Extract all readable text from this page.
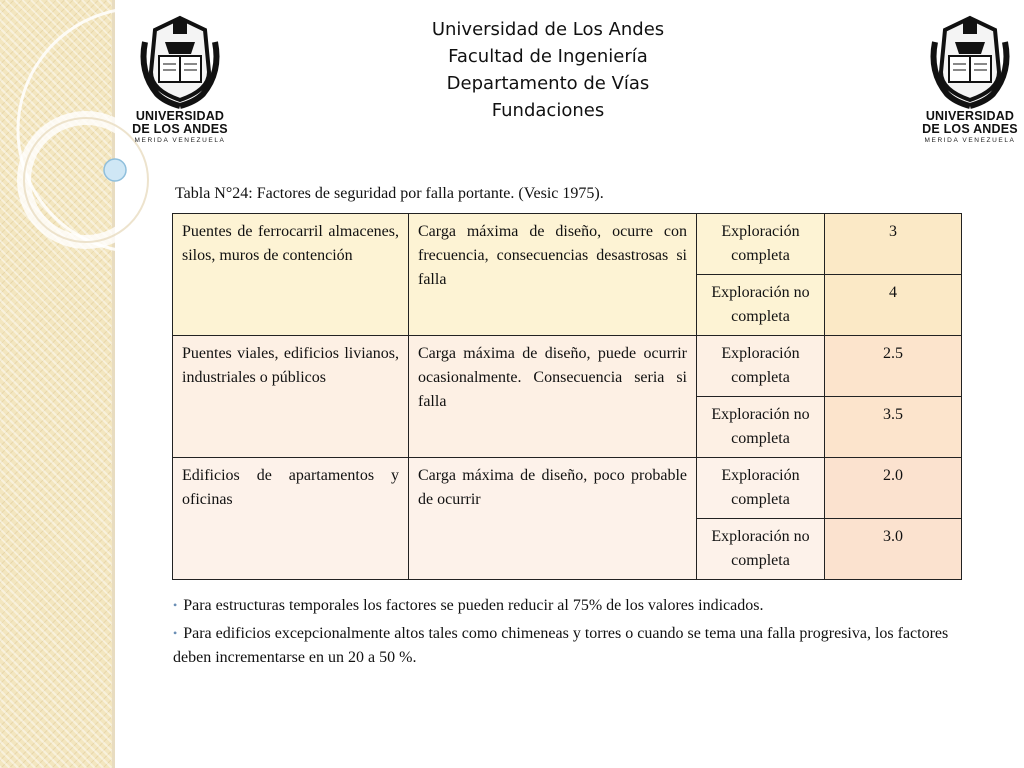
UNIVERSIDAD
DE LOS ANDES
MERIDA VENEZUELA
UNIVERSIDAD
DE LOS ANDES
MERIDA VENEZUELA
Universidad de Los Andes
Facultad de Ingeniería
Departamento de Vías
Fundaciones
Tabla N°24: Factores de seguridad por falla portante. (Vesic 1975).
Puentes de ferrocarril almacenes, silos, muros de contención	Carga máxima de diseño, ocurre con frecuencia, consecuencias desastrosas si falla	Exploración completa	3
		Exploración no completa	4
Puentes viales, edificios livianos, industriales o públicos	Carga máxima de diseño, puede ocurrir ocasionalmente. Consecuencia seria si falla	Exploración completa	2.5
		Exploración no completa	3.5
Edificios de apartamentos y oficinas	Carga máxima de diseño, poco probable de ocurrir	Exploración completa	2.0
		Exploración no completa	3.0
• Para estructuras temporales los factores se pueden reducir al 75% de los valores indicados.
• Para edificios excepcionalmente altos tales como chimeneas y torres o cuando se tema una falla progresiva, los factores deben incrementarse en un 20 a 50 %.
